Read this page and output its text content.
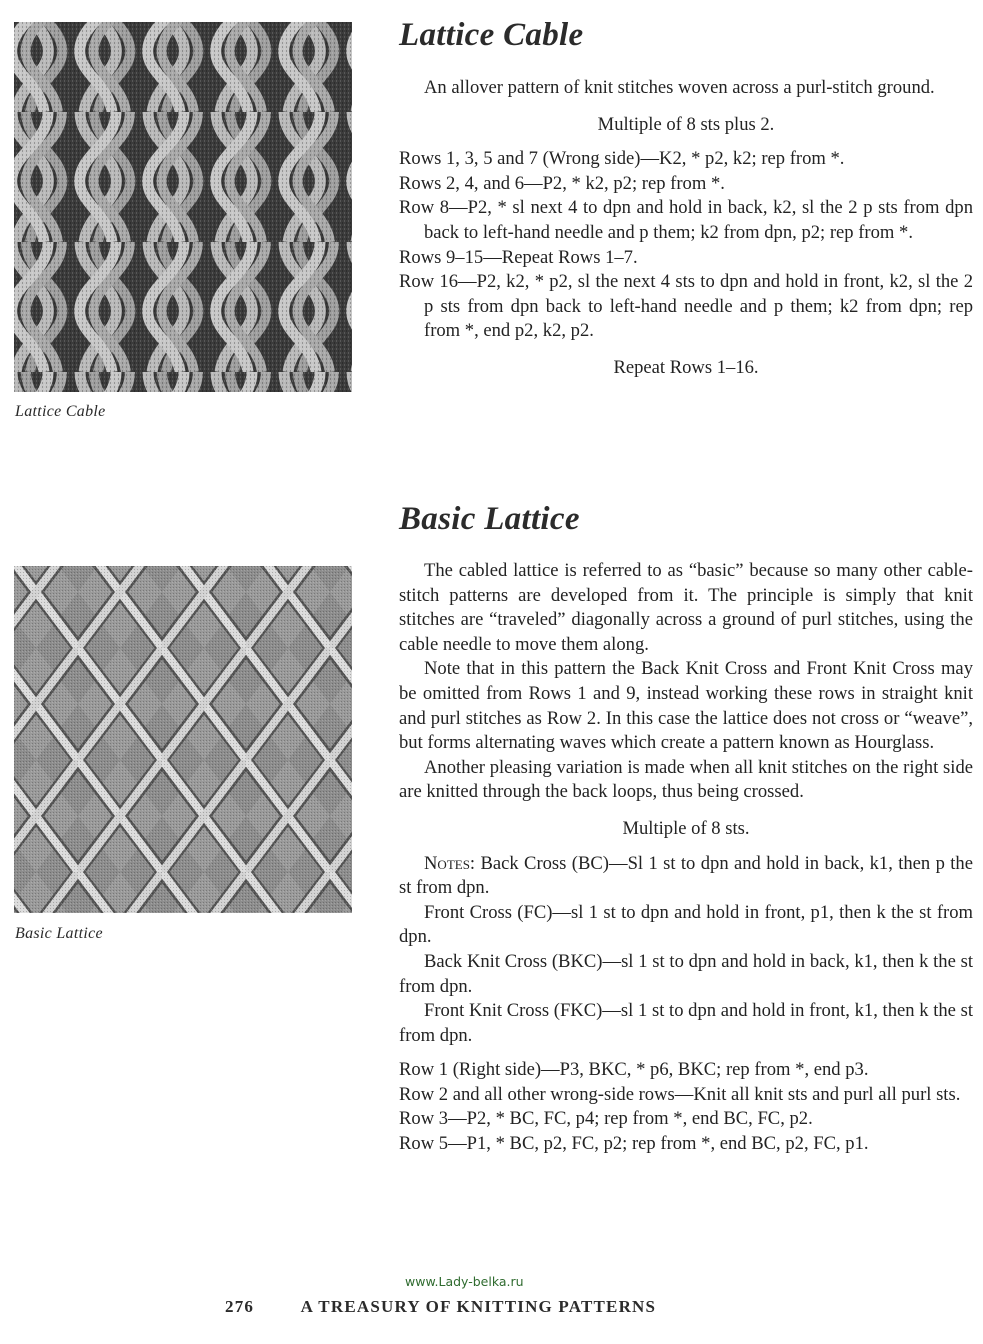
Lattice Cable
Basic Lattice
Lattice Cable

An allover pattern of knit stitches woven across a purl-stitch ground.

Multiple of 8 sts plus 2.

Rows 1, 3, 5 and 7 (Wrong side)—K2, * p2, k2; rep from *.

Rows 2, 4, and 6—P2, * k2, p2; rep from *.

Row 8—P2, * sl next 4 to dpn and hold in back, k2, sl the 2 p sts from dpn back to left-hand needle and p them; k2 from dpn, p2; rep from *.

Rows 9–15—Repeat Rows 1–7.

Row 16—P2, k2, * p2, sl the next 4 sts to dpn and hold in front, k2, sl the 2 p sts from dpn back to left-hand needle and p them; k2 from dpn; rep from *, end p2, k2, p2.

Repeat Rows 1–16.

Basic Lattice

The cabled lattice is referred to as “basic” because so many other cable-stitch patterns are developed from it. The principle is simply that knit stitches are “traveled” diagonally across a ground of purl stitches, using the cable needle to move them along.

Note that in this pattern the Back Knit Cross and Front Knit Cross may be omitted from Rows 1 and 9, instead working these rows in straight knit and purl stitches as Row 2. In this case the lattice does not cross or “weave”, but forms alternating waves which create a pattern known as Hourglass.

Another pleasing variation is made when all knit stitches on the right side are knitted through the back loops, thus being crossed.

Multiple of 8 sts.

Notes: Back Cross (BC)—Sl 1 st to dpn and hold in back, k1, then p the st from dpn.

Front Cross (FC)—sl 1 st to dpn and hold in front, p1, then k the st from dpn.

Back Knit Cross (BKC)—sl 1 st to dpn and hold in back, k1, then k the st from dpn.

Front Knit Cross (FKC)—sl 1 st to dpn and hold in front, k1, then k the st from dpn.

Row 1 (Right side)—P3, BKC, * p6, BKC; rep from *, end p3.

Row 2 and all other wrong-side rows—Knit all knit sts and purl all purl sts.

Row 3—P2, * BC, FC, p4; rep from *, end BC, FC, p2.

Row 5—P1, * BC, p2, FC, p2; rep from *, end BC, p2, FC, p1.

www.Lady-belka.ru
276	A TREASURY OF KNITTING PATTERNS
